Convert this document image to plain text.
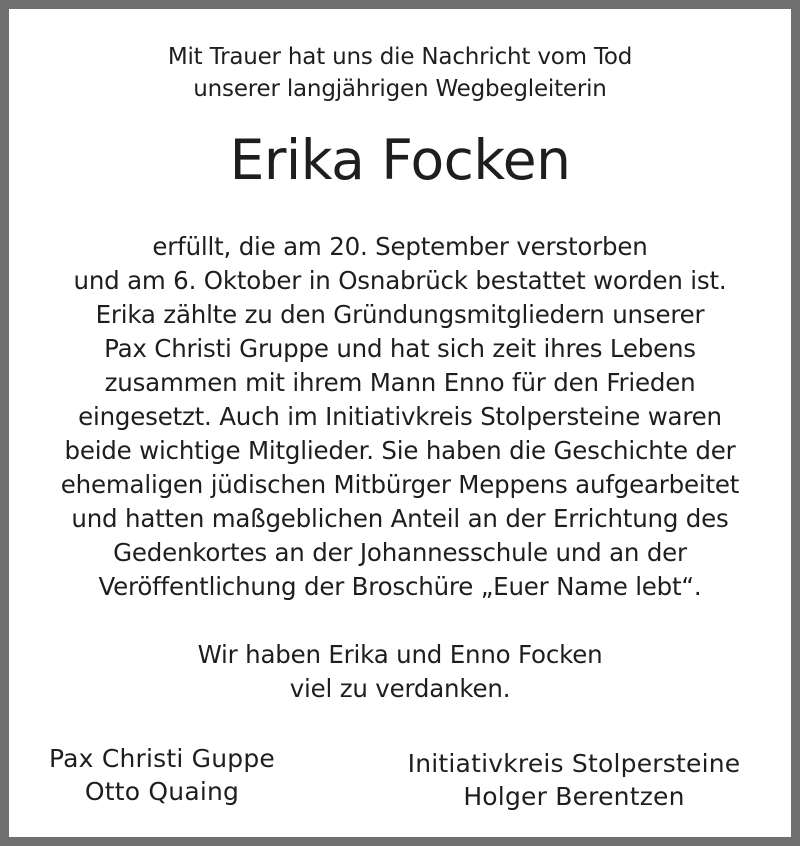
Mit Trauer hat uns die Nachricht vom Tod
unserer langjährigen Wegbegleiterin
Erika Focken
erfüllt, die am 20. September verstorben
und am 6. Oktober in Osnabrück bestattet worden ist.
Erika zählte zu den Gründungsmitgliedern unserer
Pax Christi Gruppe und hat sich zeit ihres Lebens
zusammen mit ihrem Mann Enno für den Frieden
eingesetzt. Auch im Initiativkreis Stolpersteine waren
beide wichtige Mitglieder. Sie haben die Geschichte der
ehemaligen jüdischen Mitbürger Meppens aufgearbeitet
und hatten maßgeblichen Anteil an der Errichtung des
Gedenkortes an der Johannesschule und an der
Veröffentlichung der Broschüre „Euer Name lebt“.
Wir haben Erika und Enno Focken
viel zu verdanken.
Pax Christi Guppe
Otto Quaing
Initiativkreis Stolpersteine
Holger Berentzen
